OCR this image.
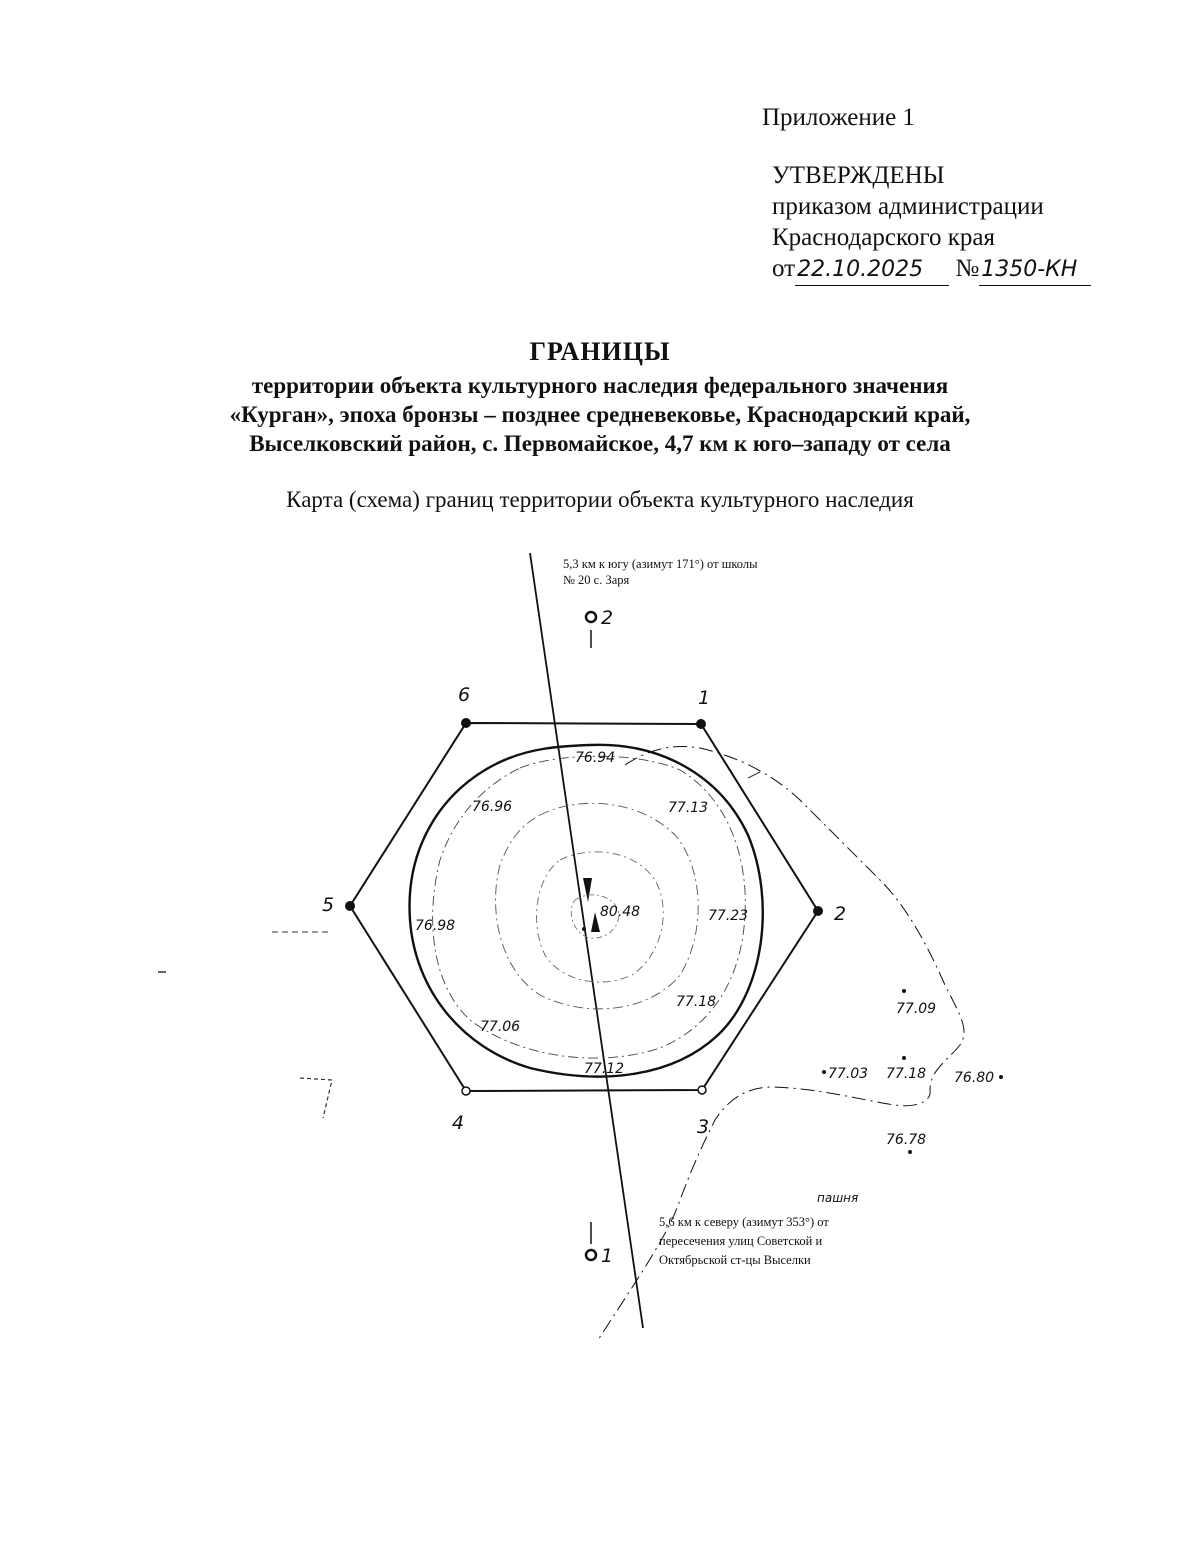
Приложение 1
УТВЕРЖДЕНЫ
приказом администрации
Краснодарского края
от22.10.2025 №1350-КН
ГРАНИЦЫ
территории объекта культурного наследия федерального значения
«Курган», эпоха бронзы – позднее средневековье, Краснодарский край,
Выселковский район, с. Первомайское, 4,7 км к юго–западу от села
Карта (схема) границ территории объекта культурного наследия
1
2
3
4
5
6
76.94
76.96	77.13
76.98
80.48	77.23
77.18
77.06
77.12
77.09
77.03 77.18 76.80
76.78
2
5,3 км к югу (азимут 171°) от школы
№ 20 с. Заря
1
5,6 км к северу (азимут 353°) от
пересечения улиц Советской и
Октябрьской ст-цы Выселки
пашня
